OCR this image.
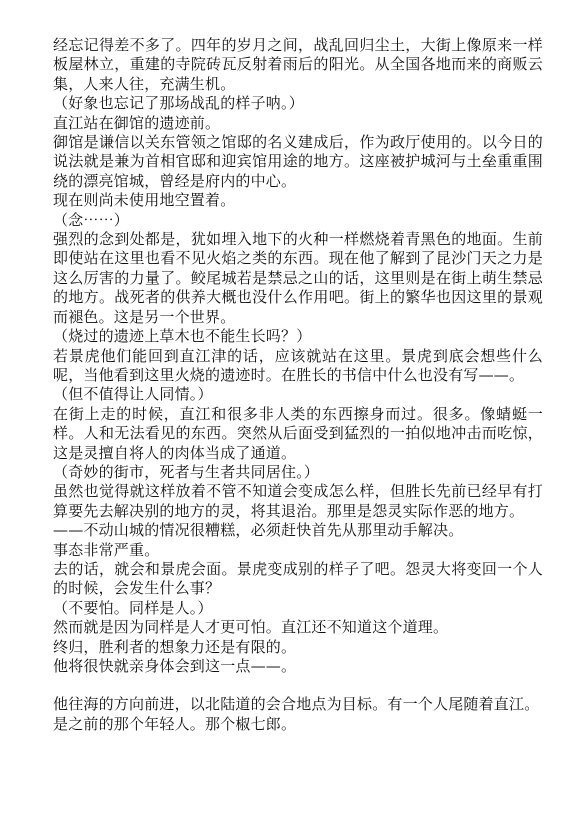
经忘记得差不多了。四年的岁月之间，战乱回归尘土，大街上像原来一样板屋林立，重建的寺院砖瓦反射着雨后的阳光。从全国各地而来的商贩云集，人来人往，充满生机。

（好象也忘记了那场战乱的样子呐。）

直江站在御馆的遗迹前。

御馆是谦信以关东管领之馆邸的名义建成后，作为政厅使用的。以今日的说法就是兼为首相官邸和迎宾馆用途的地方。这座被护城河与土垒重重围绕的漂亮馆城，曾经是府内的中心。

现在则尚未使用地空置着。

（念⋯⋯）

强烈的念到处都是，犹如埋入地下的火种一样燃烧着青黑色的地面。生前即使站在这里也看不见火焰之类的东西。现在他了解到了昆沙门天之力是这么厉害的力量了。鲛尾城若是禁忌之山的话，这里则是在街上萌生禁忌的地方。战死者的供养大概也没什么作用吧。街上的繁华也因这里的景观而褪色。这是另一个世界。

（烧过的遗迹上草木也不能生长吗？）

若景虎他们能回到直江津的话，应该就站在这里。景虎到底会想些什么呢，当他看到这里火烧的遗迹时。在胜长的书信中什么也没有写——。

（但不值得让人同情。）

在街上走的时候，直江和很多非人类的东西擦身而过。很多。像蜻蜓一样。人和无法看见的东西。突然从后面受到猛烈的一拍似地冲击而吃惊，这是灵擅自将人的肉体当成了通道。

（奇妙的街市，死者与生者共同居住。）

虽然也觉得就这样放着不管不知道会变成怎么样，但胜长先前已经早有打算要先去解决别的地方的灵，将其退治。那里是怨灵实际作恶的地方。

——不动山城的情况很糟糕，必须赶快首先从那里动手解决。

事态非常严重。

去的话，就会和景虎会面。景虎变成别的样子了吧。怨灵大将变回一个人的时候，会发生什么事？

（不要怕。同样是人。）

然而就是因为同样是人才更可怕。直江还不知道这个道理。

终归，胜利者的想象力还是有限的。

他将很快就亲身体会到这一点——。

他往海的方向前进，以北陆道的会合地点为目标。有一个人尾随着直江。

是之前的那个年轻人。那个椒七郎。
